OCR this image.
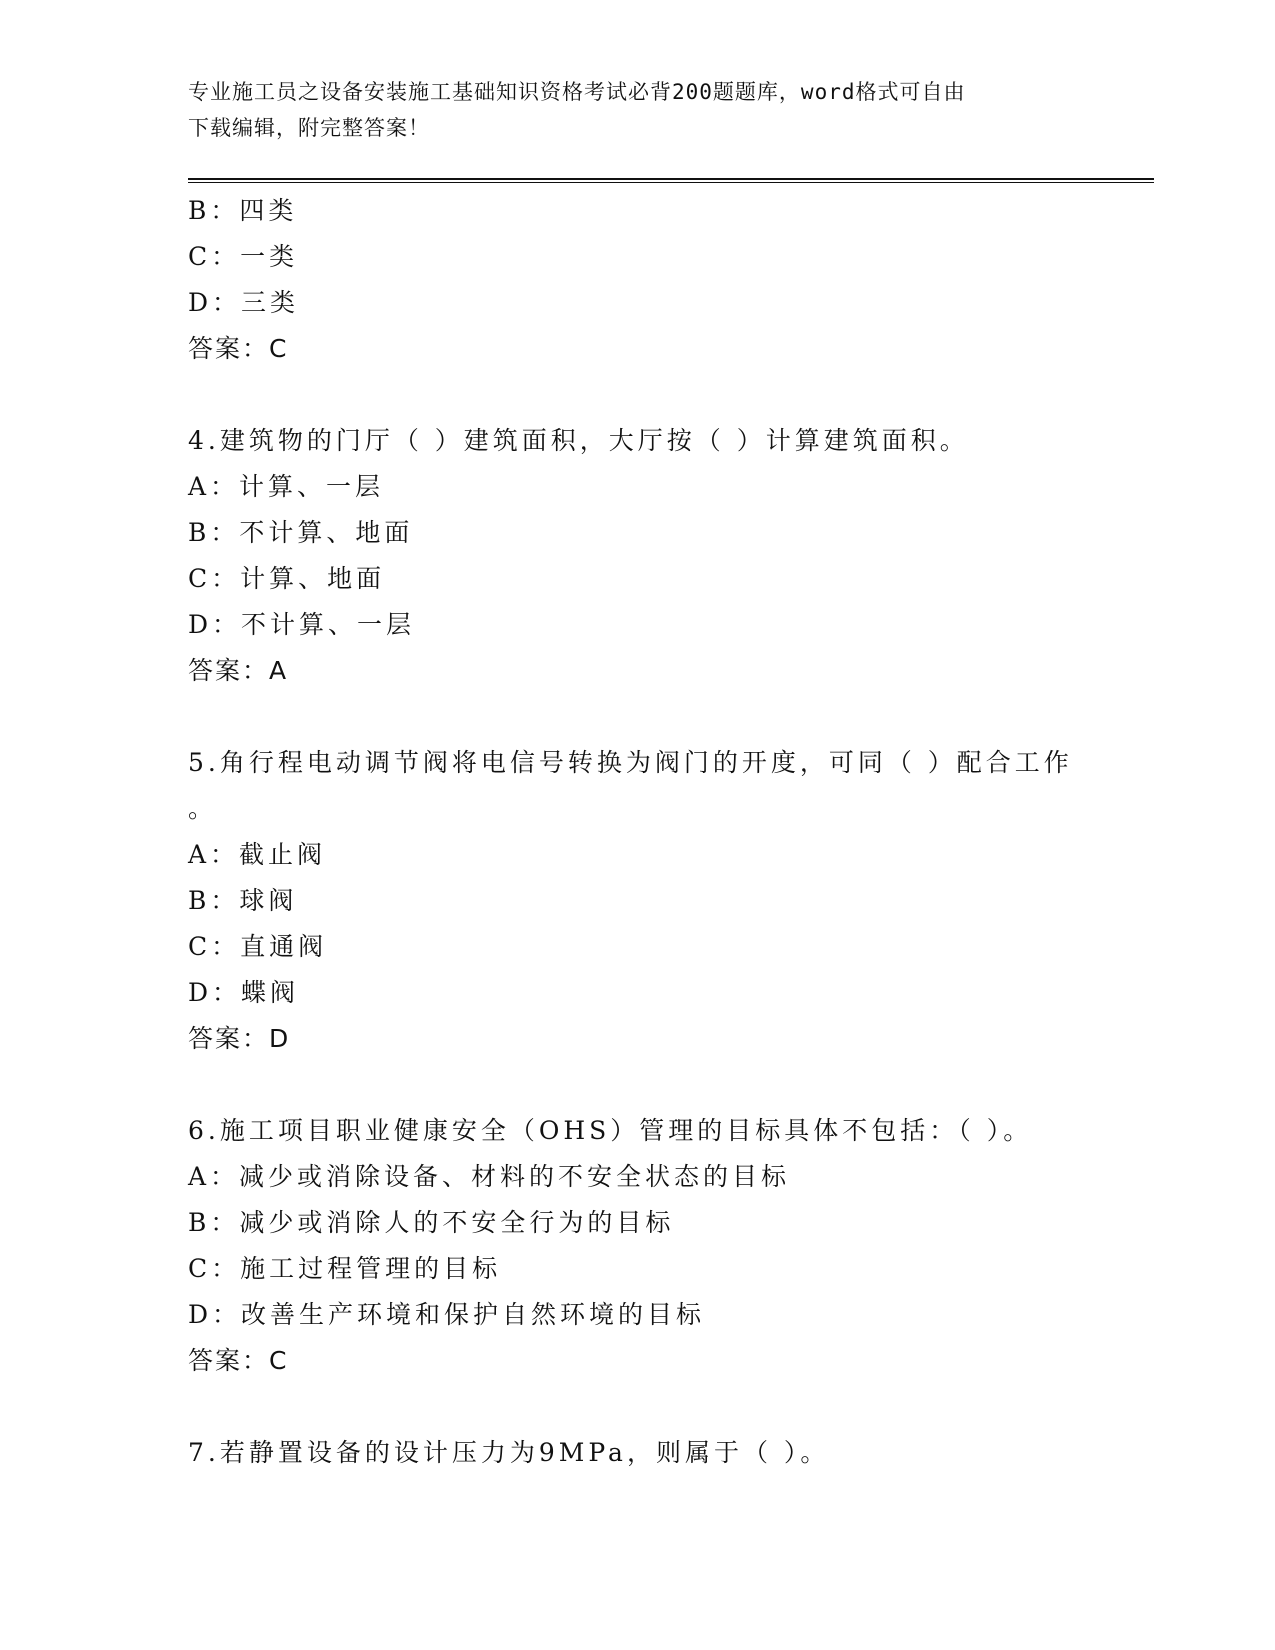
专业施工员之设备安装施工基础知识资格考试必背200题题库，word格式可自由
下载编辑，附完整答案！
B：四类
C：一类
D：三类
答案：C
4.建筑物的门厅（ ）建筑面积，大厅按（ ）计算建筑面积。
A：计算、一层
B：不计算、地面
C：计算、地面
D：不计算、一层
答案：A
5.角行程电动调节阀将电信号转换为阀门的开度，可同（ ）配合工作
。
A：截止阀
B：球阀
C：直通阀
D：蝶阀
答案：D
6.施工项目职业健康安全（OHS）管理的目标具体不包括：（ ）。
A：减少或消除设备、材料的不安全状态的目标
B：减少或消除人的不安全行为的目标
C：施工过程管理的目标
D：改善生产环境和保护自然环境的目标
答案：C
7.若静置设备的设计压力为9MPa，则属于（ ）。
